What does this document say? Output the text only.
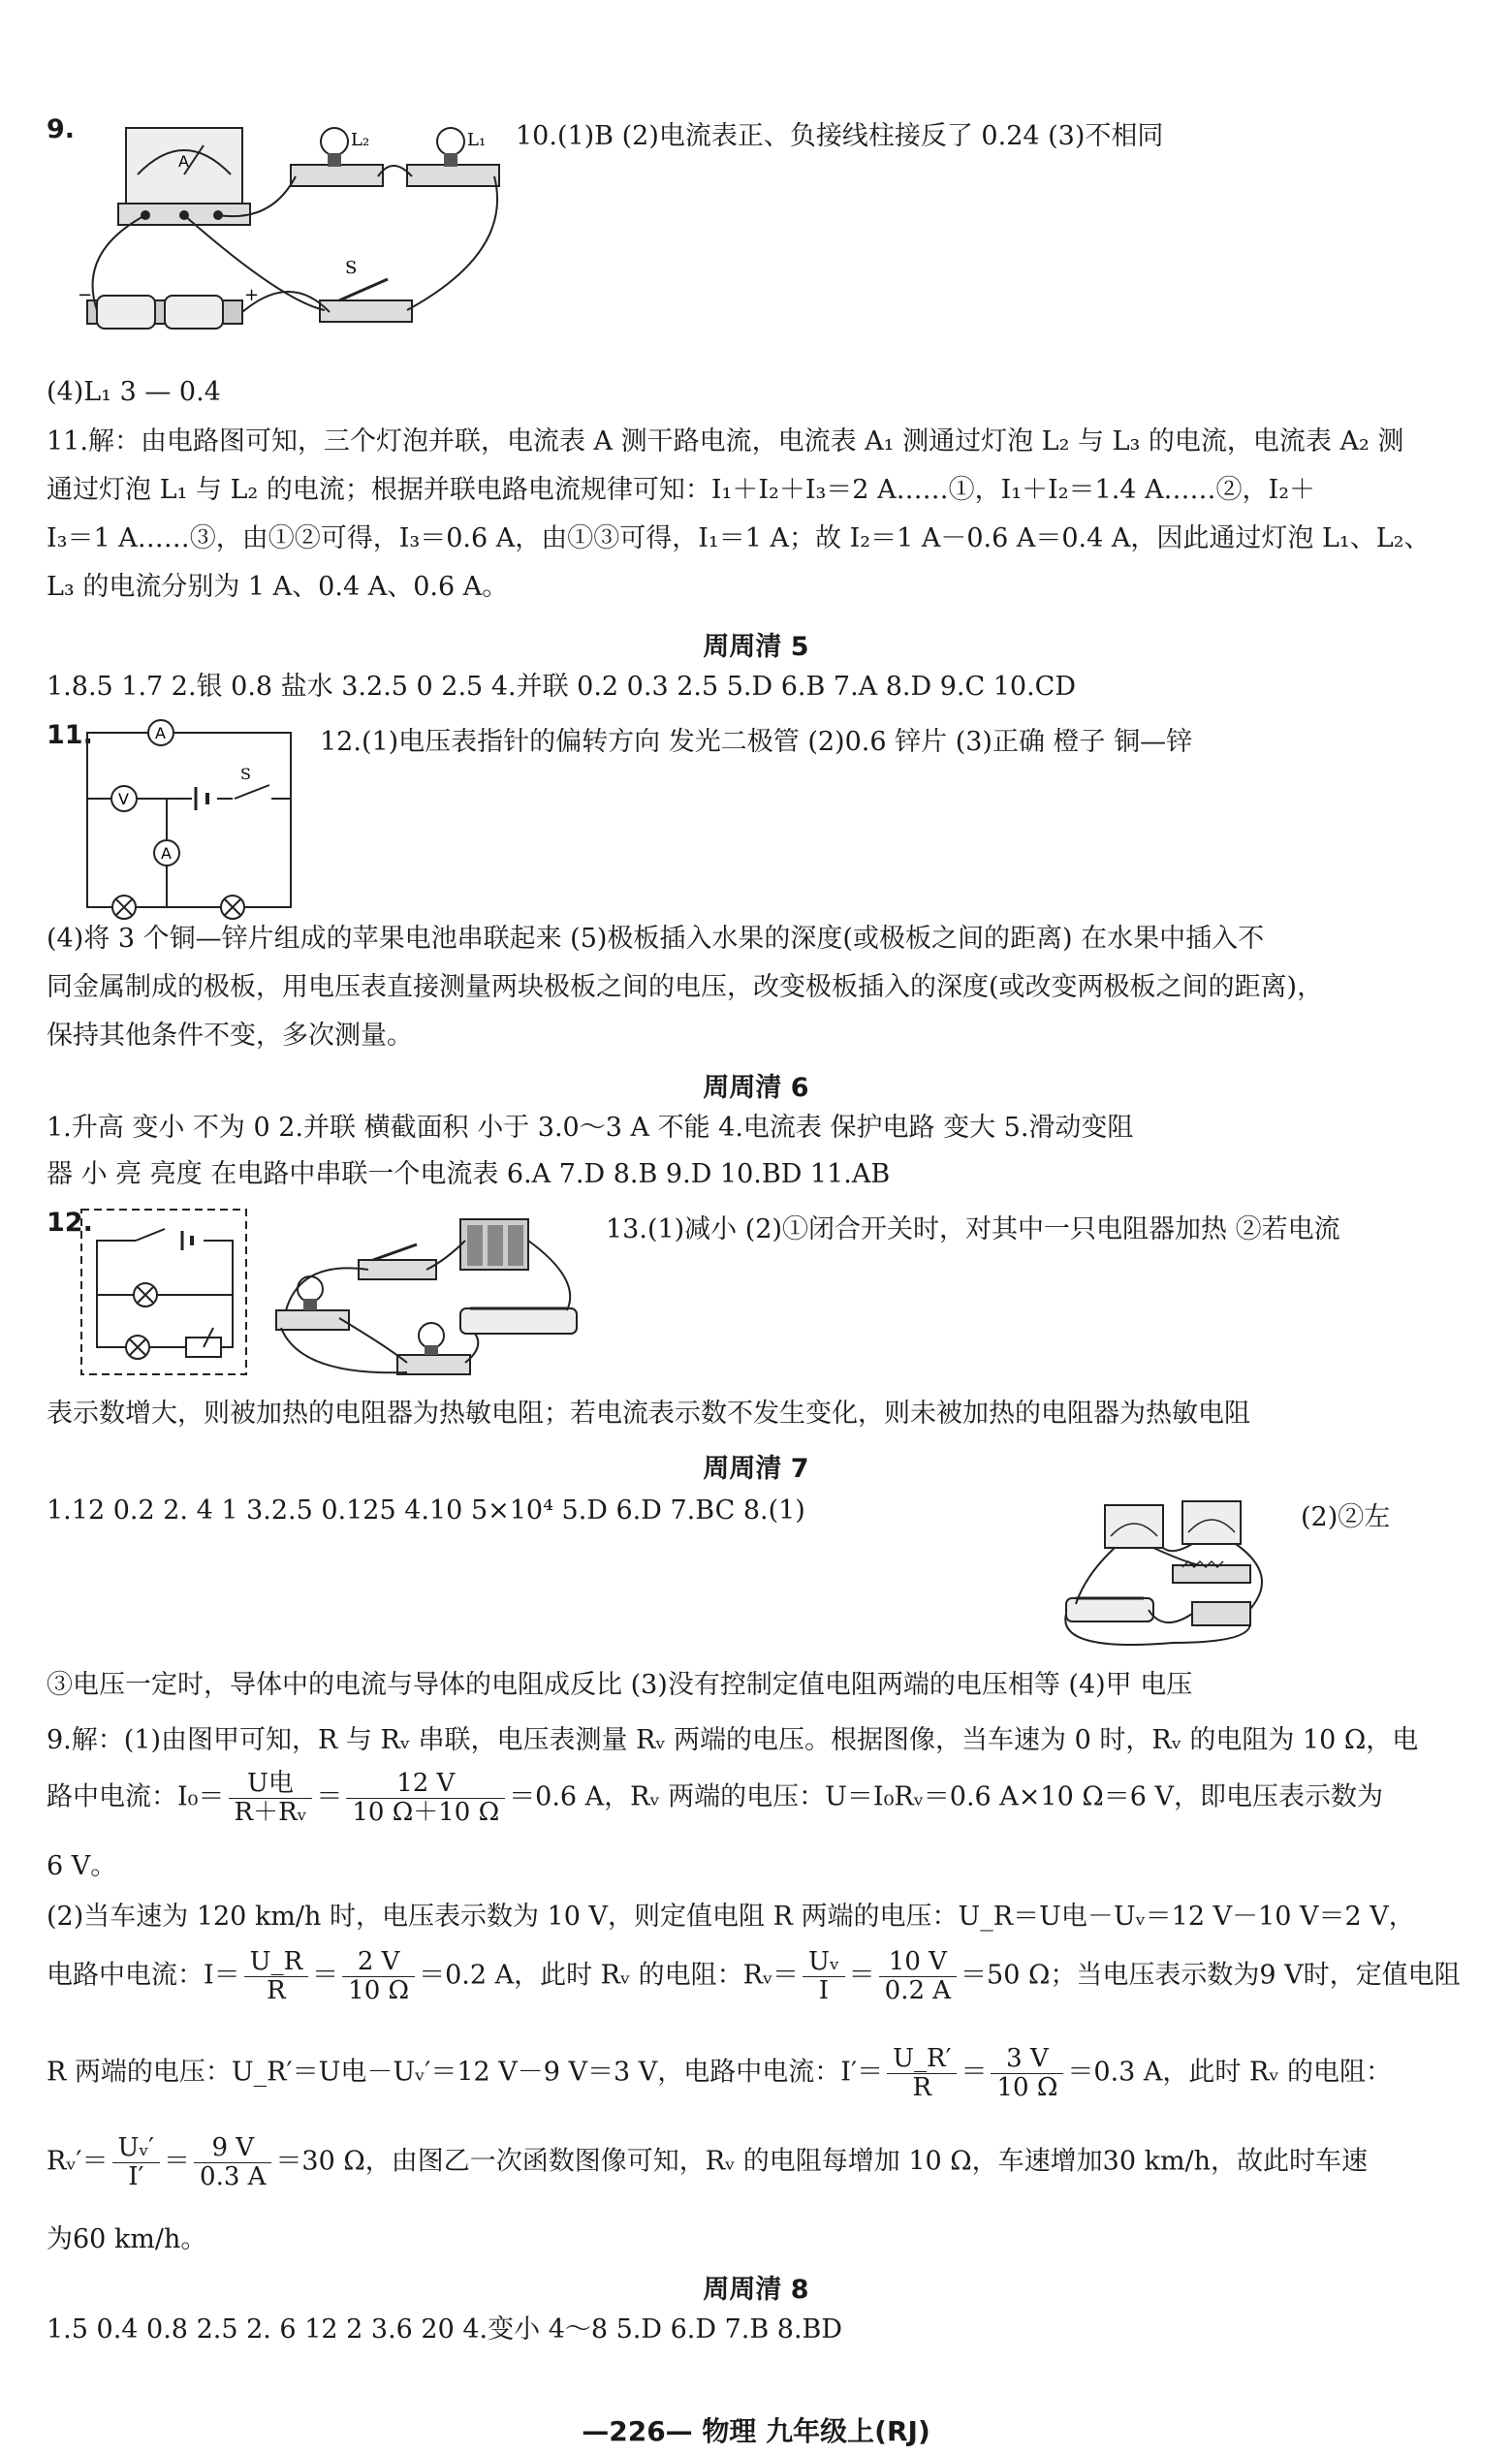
9.
A
L₂	L₁
−	+
S
10.(1)B (2)电流表正、负接线柱接反了 0.24 (3)不相同
(4)L₁ 3 — 0.4
11.解：由电路图可知，三个灯泡并联，电流表 A 测干路电流，电流表 A₁ 测通过灯泡 L₂ 与 L₃ 的电流，电流表 A₂ 测
通过灯泡 L₁ 与 L₂ 的电流；根据并联电路电流规律可知：I₁＋I₂＋I₃＝2 A……①，I₁＋I₂＝1.4 A……②，I₂＋
I₃＝1 A……③，由①②可得，I₃＝0.6 A，由①③可得，I₁＝1 A；故 I₂＝1 A－0.6 A＝0.4 A，因此通过灯泡 L₁、L₂、
L₃ 的电流分别为 1 A、0.4 A、0.6 A。
周周清 5
1.8.5 1.7 2.银 0.8 盐水 3.2.5 0 2.5 4.并联 0.2 0.3 2.5 5.D 6.B 7.A 8.D 9.C 10.CD
11.	A
V
S
A
12.(1)电压表指针的偏转方向 发光二极管 (2)0.6 锌片 (3)正确 橙子 铜—锌
(4)将 3 个铜—锌片组成的苹果电池串联起来 (5)极板插入水果的深度(或极板之间的距离) 在水果中插入不
同金属制成的极板，用电压表直接测量两块极板之间的电压，改变极板插入的深度(或改变两极板之间的距离)，
保持其他条件不变，多次测量。
周周清 6
1.升高 变小 不为 0 2.并联 横截面积 小于 3.0～3 A 不能 4.电流表 保护电路 变大 5.滑动变阻
器 小 亮 亮度 在电路中串联一个电流表 6.A 7.D 8.B 9.D 10.BD 11.AB
12.	13.(1)减小 (2)①闭合开关时，对其中一只电阻器加热 ②若电流
表示数增大，则被加热的电阻器为热敏电阻；若电流表示数不发生变化，则未被加热的电阻器为热敏电阻
周周清 7
1.12 0.2 2. 4 1 3.2.5 0.125 4.10 5×10⁴ 5.D 6.D 7.BC 8.(1)	(2)②左
③电压一定时，导体中的电流与导体的电阻成反比 (3)没有控制定值电阻两端的电压相等 (4)甲 电压
9.解：(1)由图甲可知，R 与 Rᵥ 串联，电压表测量 Rᵥ 两端的电压。根据图像，当车速为 0 时，Rᵥ 的电阻为 10 Ω，电
路中电流：$I_0= \frac{\text{U电}}{\text{R＋Rᵥ}} = \frac{12 V}{10 \Omega+10 \Omega} =0.6$ A，Rᵥ 两端的电压：U＝I₀Rᵥ＝0.6 A×10 Ω＝6 V，即电压表示数为
6 V。
(2)当车速为 120 km/h 时，电压表示数为 10 V，则定值电阻 R 两端的电压：U_R＝U电－Uᵥ＝12 V－10 V＝2 V，
电路中电流：$I= \frac{U\_R}{R} = \frac{2 V}{10 \Omega} =0.2$ A，此时 Rᵥ 的电阻：Rᵥ＝ $\frac{\text{Uᵥ}}{I} = \frac{10 V}{0.2 A} =50$ Ω；当电压表示数为9 V时，定值电阻
R 两端的电压：U_R′＝U电－Uᵥ′＝12 V－9 V＝3 V，电路中电流：$I'= \frac{U\_R'}{R} = \frac{3 V}{10 \Omega} =0.3$ A，此时 Rᵥ 的电阻：
Rᵥ′＝ $\frac{\text{Uᵥ′}}{I'} = \frac{9 V}{0.3 A} =30$ Ω，由图乙一次函数图像可知，Rᵥ 的电阻每增加 10 Ω，车速增加30 km/h，故此时车速
为60 km/h。
周周清 8
1.5 0.4 0.8 2.5 2. 6 12 2 3.6 20 4.变小 4～8 5.D 6.D 7.B 8.BD
—226— 物理 九年级上(RJ)
